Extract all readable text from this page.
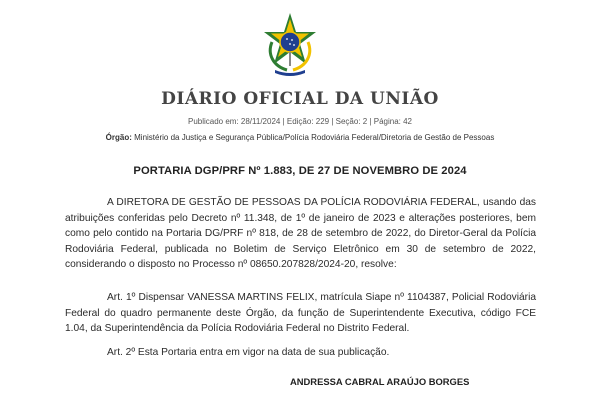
DIÁRIO OFICIAL DA UNIÃO
Publicado em: 28/11/2024 | Edição: 229 | Seção: 2 | Página: 42
Órgão: Ministério da Justiça e Segurança Pública/Polícia Rodoviária Federal/Diretoria de Gestão de Pessoas
PORTARIA DGP/PRF Nº 1.883, DE 27 DE NOVEMBRO DE 2024

A DIRETORA DE GESTÃO DE PESSOAS DA POLÍCIA RODOVIÁRIA FEDERAL, usando das atribuições conferidas pelo Decreto nº 11.348, de 1º de janeiro de 2023 e alterações posteriores, bem como pelo contido na Portaria DG/PRF nº 818, de 28 de setembro de 2022, do Diretor-Geral da Polícia Rodoviária Federal, publicada no Boletim de Serviço Eletrônico em 30 de setembro de 2022, considerando o disposto no Processo nº 08650.207828/2024-20, resolve:

Art. 1º Dispensar VANESSA MARTINS FELIX, matrícula Siape nº 1104387, Policial Rodoviária Federal do quadro permanente deste Órgão, da função de Superintendente Executiva, código FCE 1.04, da Superintendência da Polícia Rodoviária Federal no Distrito Federal.

Art. 2º Esta Portaria entra em vigor na data de sua publicação.

ANDRESSA CABRAL ARAÚJO BORGES
